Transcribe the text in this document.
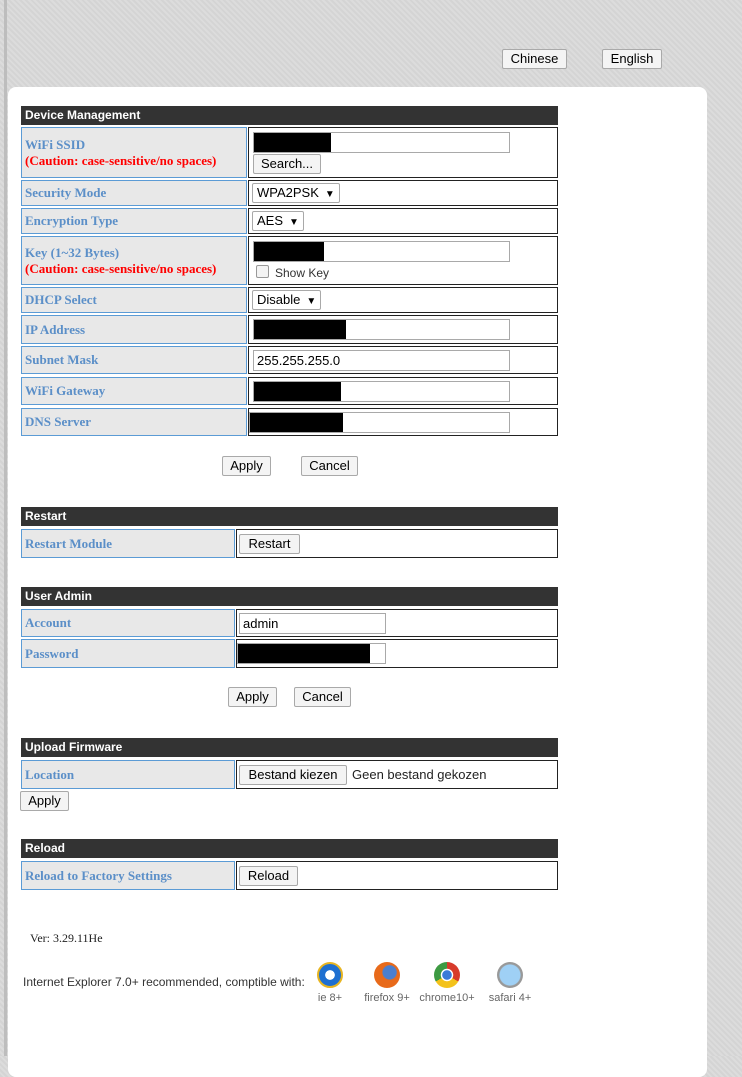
Chinese	English
Device Management
WiFi SSID
(Caution: case-sensitive/no spaces)	Search...
Security Mode	WPA2PSK ▼
Encryption Type	AES ▼
Key (1~32 Bytes)
(Caution: case-sensitive/no spaces)	Show Key
DHCP Select	Disable ▼
IP Address
Subnet Mask	255.255.255.0
WiFi Gateway
DNS Server
Apply	Cancel
Restart
Restart Module	Restart
User Admin
Account	admin
Password
Apply	Cancel
Upload Firmware
Location	Bestand kiezen	Geen bestand gekozen
Apply
Reload
Reload to Factory Settings	Reload
Ver: 3.29.11He
Internet Explorer 7.0+ recommended, comptible with:
ie 8+	firefox 9+ chrome10+	safari 4+
